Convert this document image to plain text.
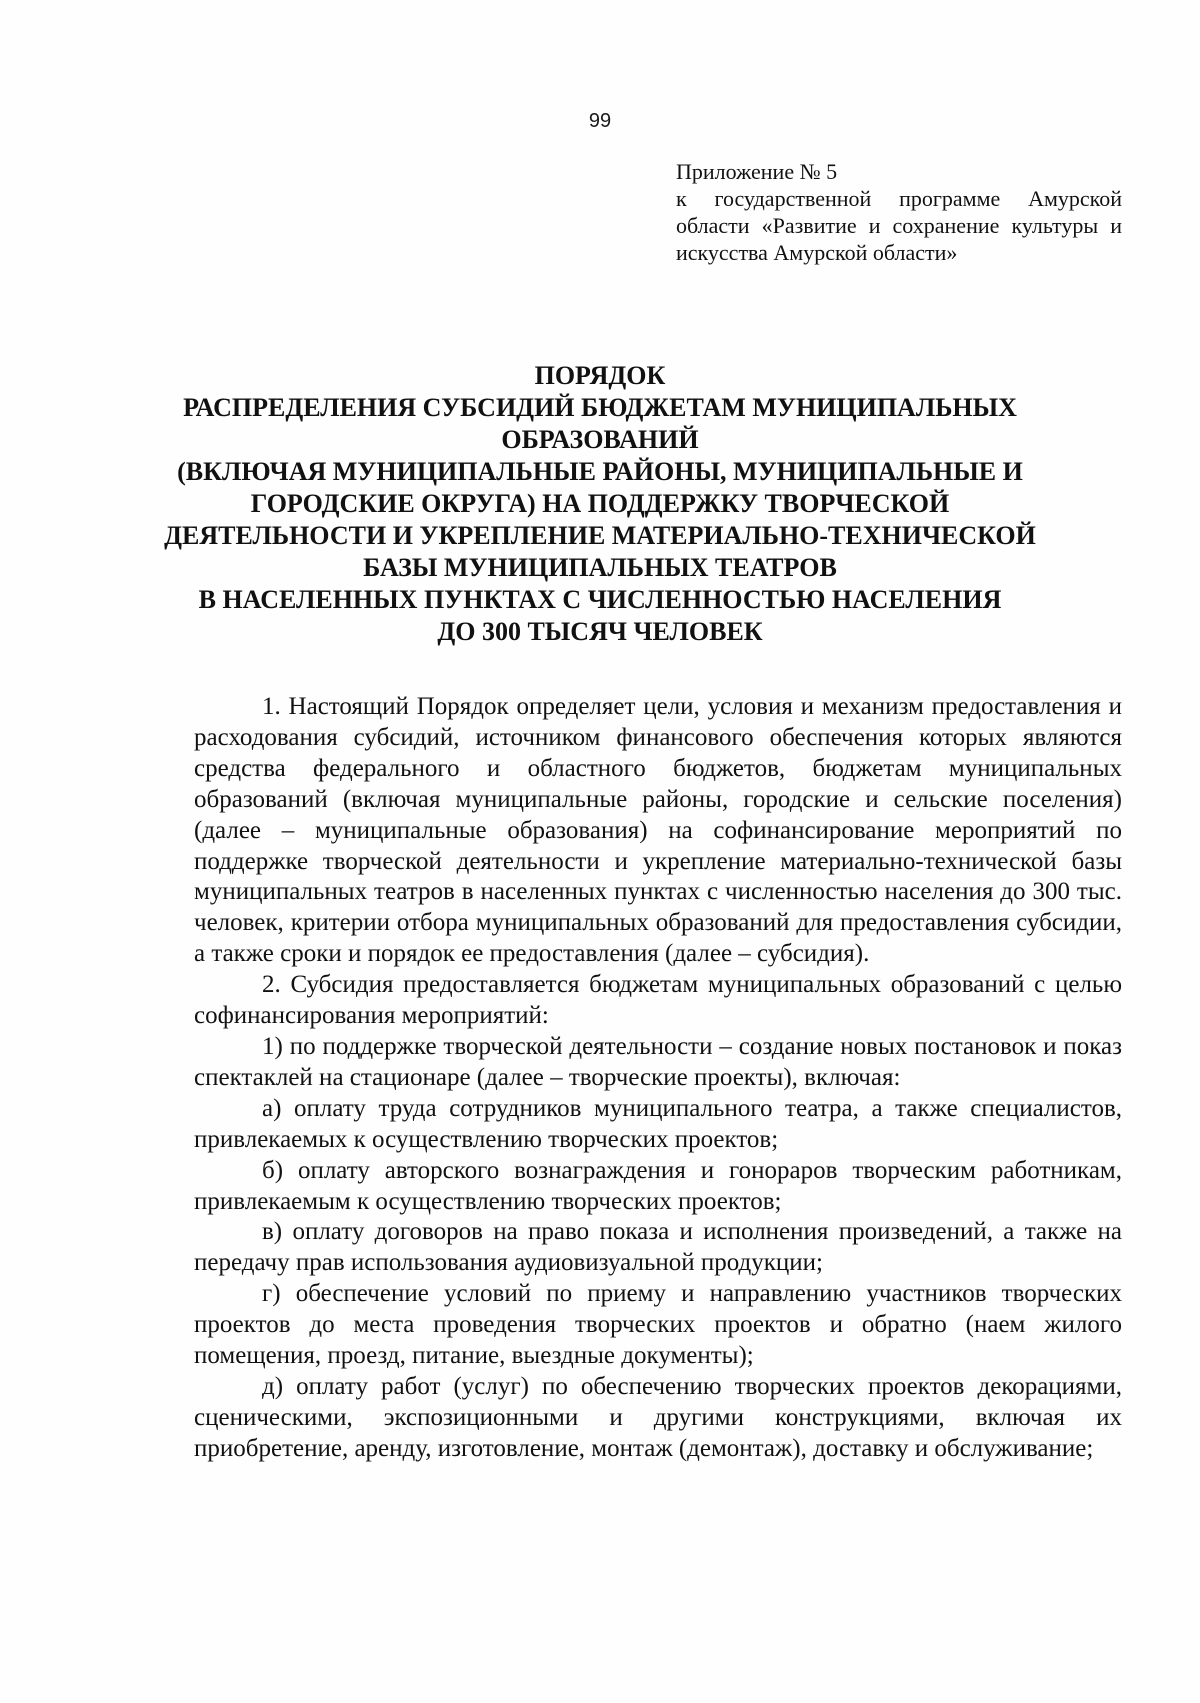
99
Приложение № 5
к государственной программе Амурской
области «Развитие и сохранение культуры и
искусства Амурской области»
ПОРЯДОК
РАСПРЕДЕЛЕНИЯ СУБСИДИЙ БЮДЖЕТАМ МУНИЦИПАЛЬНЫХ
ОБРАЗОВАНИЙ
(ВКЛЮЧАЯ МУНИЦИПАЛЬНЫЕ РАЙОНЫ, МУНИЦИПАЛЬНЫЕ И
ГОРОДСКИЕ ОКРУГА) НА ПОДДЕРЖКУ ТВОРЧЕСКОЙ
ДЕЯТЕЛЬНОСТИ И УКРЕПЛЕНИЕ МАТЕРИАЛЬНО-ТЕХНИЧЕСКОЙ
БАЗЫ МУНИЦИПАЛЬНЫХ ТЕАТРОВ
В НАСЕЛЕННЫХ ПУНКТАХ С ЧИСЛЕННОСТЬЮ НАСЕЛЕНИЯ
ДО 300 ТЫСЯЧ ЧЕЛОВЕК

1. Настоящий Порядок определяет цели, условия и механизм предоставления и расходования субсидий, источником финансового обеспечения которых являются средства федерального и областного бюджетов, бюджетам муниципальных образований (включая муниципальные районы, городские и сельские поселения) (далее – муниципальные образования) на софинансирование мероприятий по поддержке творческой деятельности и укрепление материально-технической базы муниципальных театров в населенных пунктах с численностью населения до 300 тыс. человек, критерии отбора муниципальных образований для предоставления субсидии, а также сроки и порядок ее предоставления (далее – субсидия).

2. Субсидия предоставляется бюджетам муниципальных образований с целью софинансирования мероприятий:

1) по поддержке творческой деятельности – создание новых постановок и показ спектаклей на стационаре (далее – творческие проекты), включая:

а) оплату труда сотрудников муниципального театра, а также специалистов, привлекаемых к осуществлению творческих проектов;

б) оплату авторского вознаграждения и гонораров творческим работникам, привлекаемым к осуществлению творческих проектов;

в) оплату договоров на право показа и исполнения произведений, а также на передачу прав использования аудиовизуальной продукции;

г) обеспечение условий по приему и направлению участников творческих проектов до места проведения творческих проектов и обратно (наем жилого помещения, проезд, питание, выездные документы);

д) оплату работ (услуг) по обеспечению творческих проектов декорациями, сценическими, экспозиционными и другими конструкциями, включая их приобретение, аренду, изготовление, монтаж (демонтаж), доставку и обслуживание;
